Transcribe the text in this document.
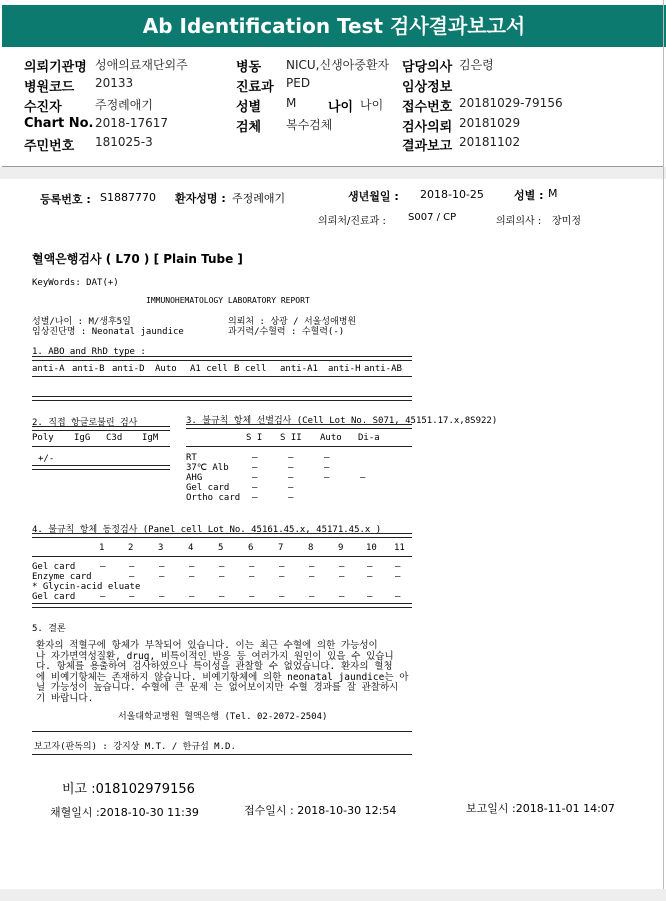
Ab Identification Test 검사결과보고서
의뢰기관명 성애의료재단외주	병동 NICU,신생아중환자 담당의사 김은령
병원코드 20133	진료과 PED	임상정보
수진자	주정례애기	성별 M	접수번호 20181029-79156
Chart No. 2018-17617	검체 복수검체	검사의뢰 20181029
주민번호 181025-3	결과보고 20181102
나이 나이
등록번호 : S1887770 환자성명 : 주정례애기	생년월일 : 2018-10-25	성별 : M
의뢰처/진료과 : S007 / CP	의뢰의사 : 장미정
혈액은행검사 ( L70 ) [ Plain Tube ]
KeyWords: DAT(+)
IMMUNOHEMATOLOGY LABORATORY REPORT
성별/나이 : M/생후5일
임상진단명 : Neonatal jaundice
의뢰처 : 상광 / 서울성애병원
과거력/수혈력 : 수혈력(-)
1. ABO and RhD type :
anti-A anti-B anti-D Auto A1 cell B cell anti-A1 anti-H anti-AB
2. 직접 항글로불린 검사
Poly IgG C3d IgM
+/-
3. 불규칙 항체 선별검사 (Cell Lot No. S071, 45151.17.x,8S922)
S I S II Auto Di-a
RT	–	–	–
37℃ Alb	–	–	–
AHG	–	–	–	–
Gel card	–	–
Ortho card –	–
4. 불규칙 항체 동정검사 (Panel cell Lot No. 45161.45.x, 45171.45.x )
1	2	3	4	5	6	7	8	9	10 11
Gel card	–	–	–	–	–	–	–	–	–	–	–
Enzyme card	–	–	–	–	–	–	–	–	–	–
* Glycin-acid eluate
Gel card	–	–	–	–	–	–	–	–	–	–	–
5. 결론
환자의 적혈구에 항체가 부착되어 있습니다. 이는 최근 수혈에 의한 가능성이
나 자가면역성질환, drug, 비특이적인 반응 등 여러가지 원인이 있을 수 있습니
다. 항체를 용출하여 검사하였으나 특이성을 관찰할 수 없었습니다. 환자의 혈청
에 비예기항체는 존재하지 않습니다. 비예기항체에 의한 neonatal jaundice는 아
닐 가능성이 높습니다. 수혈에 큰 문제 는 없어보이지만 수혈 경과를 잘 관찰하시
기 바랍니다.
서울대학교병원 혈액은행 (Tel. 02-2072-2504)
보고자(판독의) : 강지상 M.T. / 한규섭 M.D.
비고 :018102979156
채혈일시 :2018-10-30 11:39	접수일시 : 2018-10-30 12:54	보고일시 :2018-11-01 14:07
